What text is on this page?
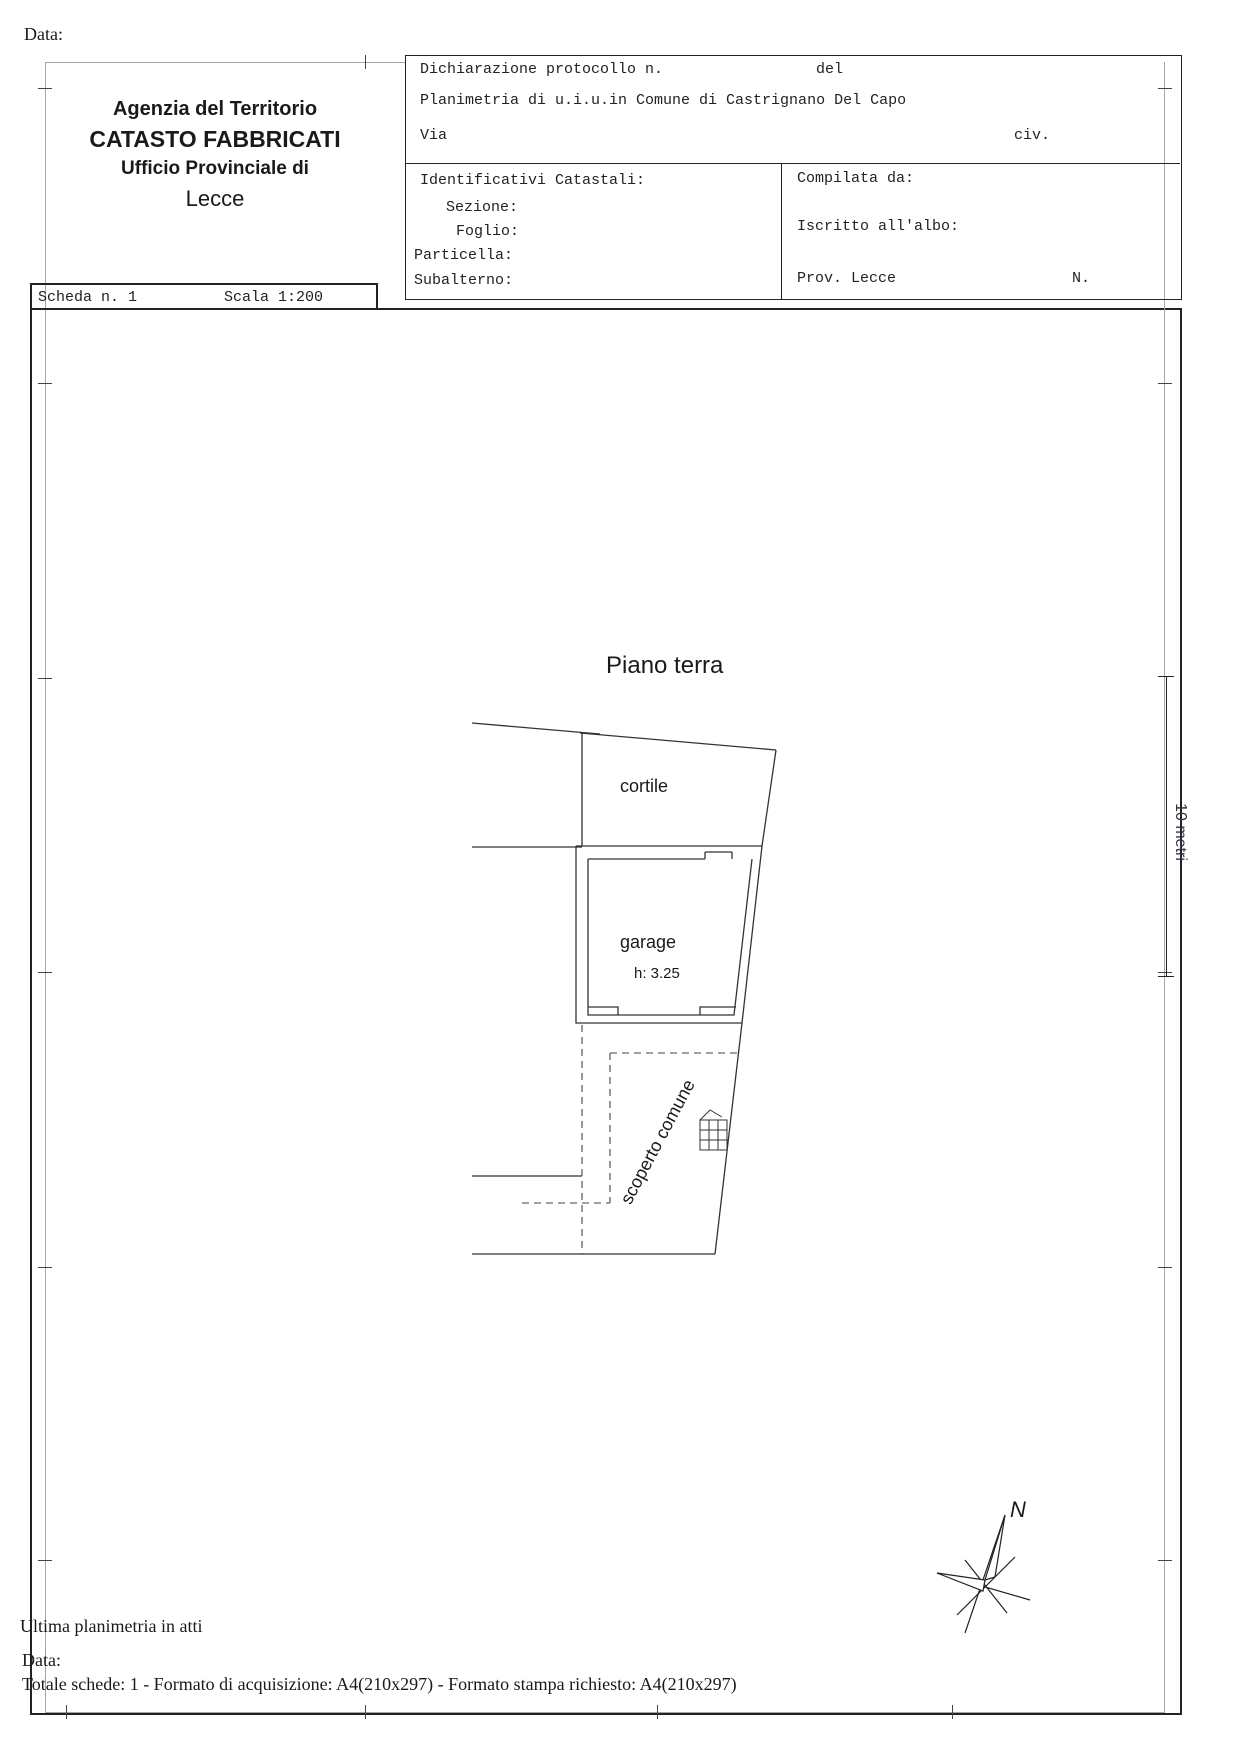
Data:
Agenzia del Territorio
CATASTO FABBRICATI
Ufficio Provinciale di
Lecce
Scheda n. 1	Scala 1:200
Dichiarazione protocollo n.	del
Planimetria di u.i.u.in Comune di Castrignano Del Capo
Via	civ.
Identificativi Catastali:
Sezione:
Foglio:
Particella:
Subalterno:
Compilata da:
Iscritto all'albo:
Prov. Lecce	N.
Piano terra
cortile
garage
h: 3.25
scoperto comune
10 metri
N
Ultima planimetria in atti
Data:
Totale schede: 1 - Formato di acquisizione: A4(210x297) - Formato stampa richiesto: A4(210x297)
